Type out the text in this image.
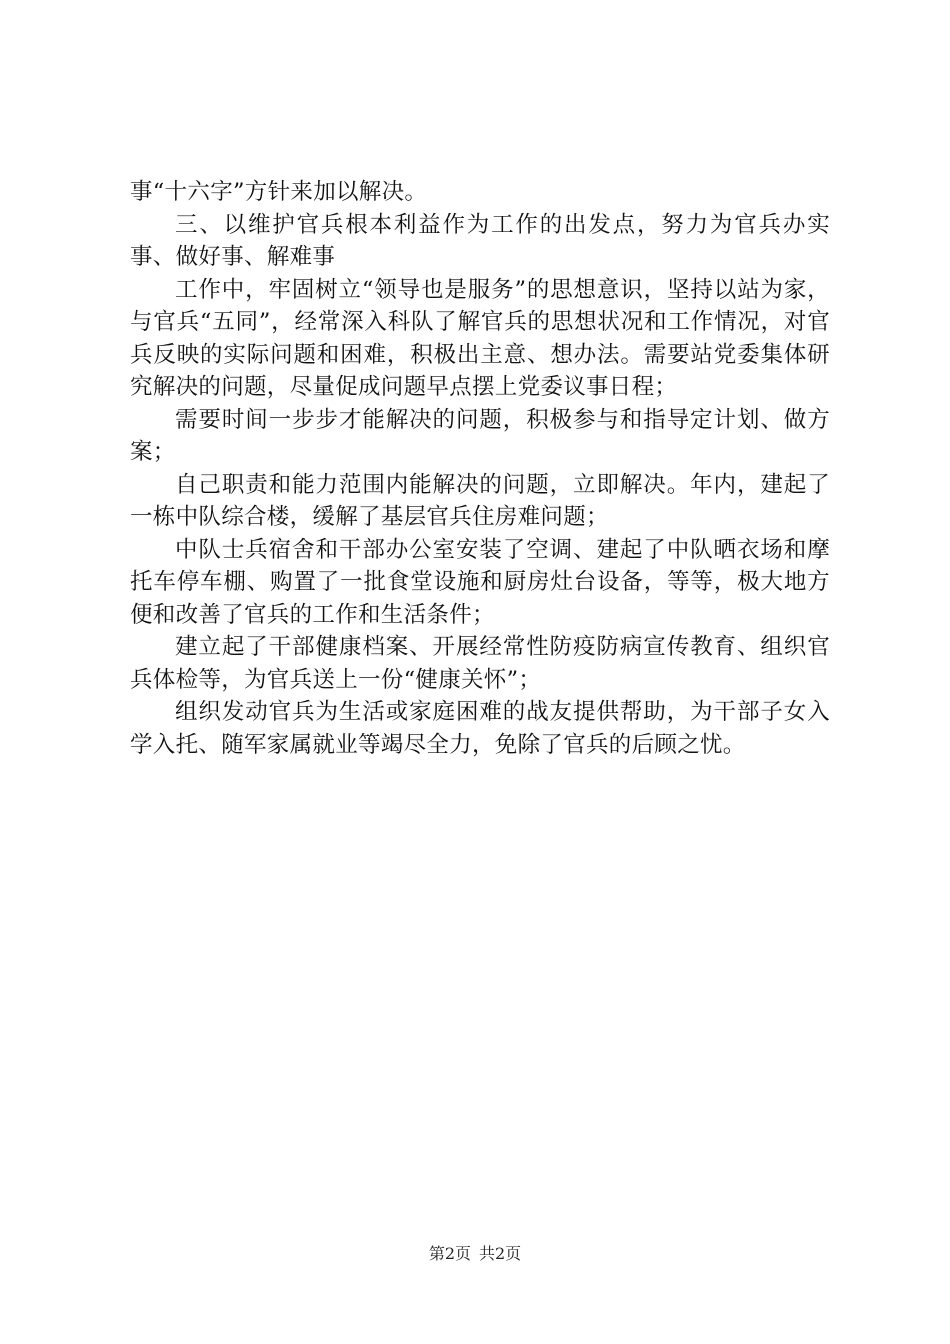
事“十六字”方针来加以解决。

三、以维护官兵根本利益作为工作的出发点，努力为官兵办实事、做好事、解难事

工作中，牢固树立“领导也是服务”的思想意识，坚持以站为家，与官兵“五同”，经常深入科队了解官兵的思想状况和工作情况，对官兵反映的实际问题和困难，积极出主意、想办法。需要站党委集体研究解决的问题，尽量促成问题早点摆上党委议事日程；

需要时间一步步才能解决的问题，积极参与和指导定计划、做方案；

自己职责和能力范围内能解决的问题，立即解决。年内，建起了一栋中队综合楼，缓解了基层官兵住房难问题；

中队士兵宿舍和干部办公室安装了空调、建起了中队晒衣场和摩托车停车棚、购置了一批食堂设施和厨房灶台设备，等等，极大地方便和改善了官兵的工作和生活条件；

建立起了干部健康档案、开展经常性防疫防病宣传教育、组织官兵体检等，为官兵送上一份“健康关怀”；

组织发动官兵为生活或家庭困难的战友提供帮助，为干部子女入学入托、随军家属就业等竭尽全力，免除了官兵的后顾之忧。

第2页 共2页
